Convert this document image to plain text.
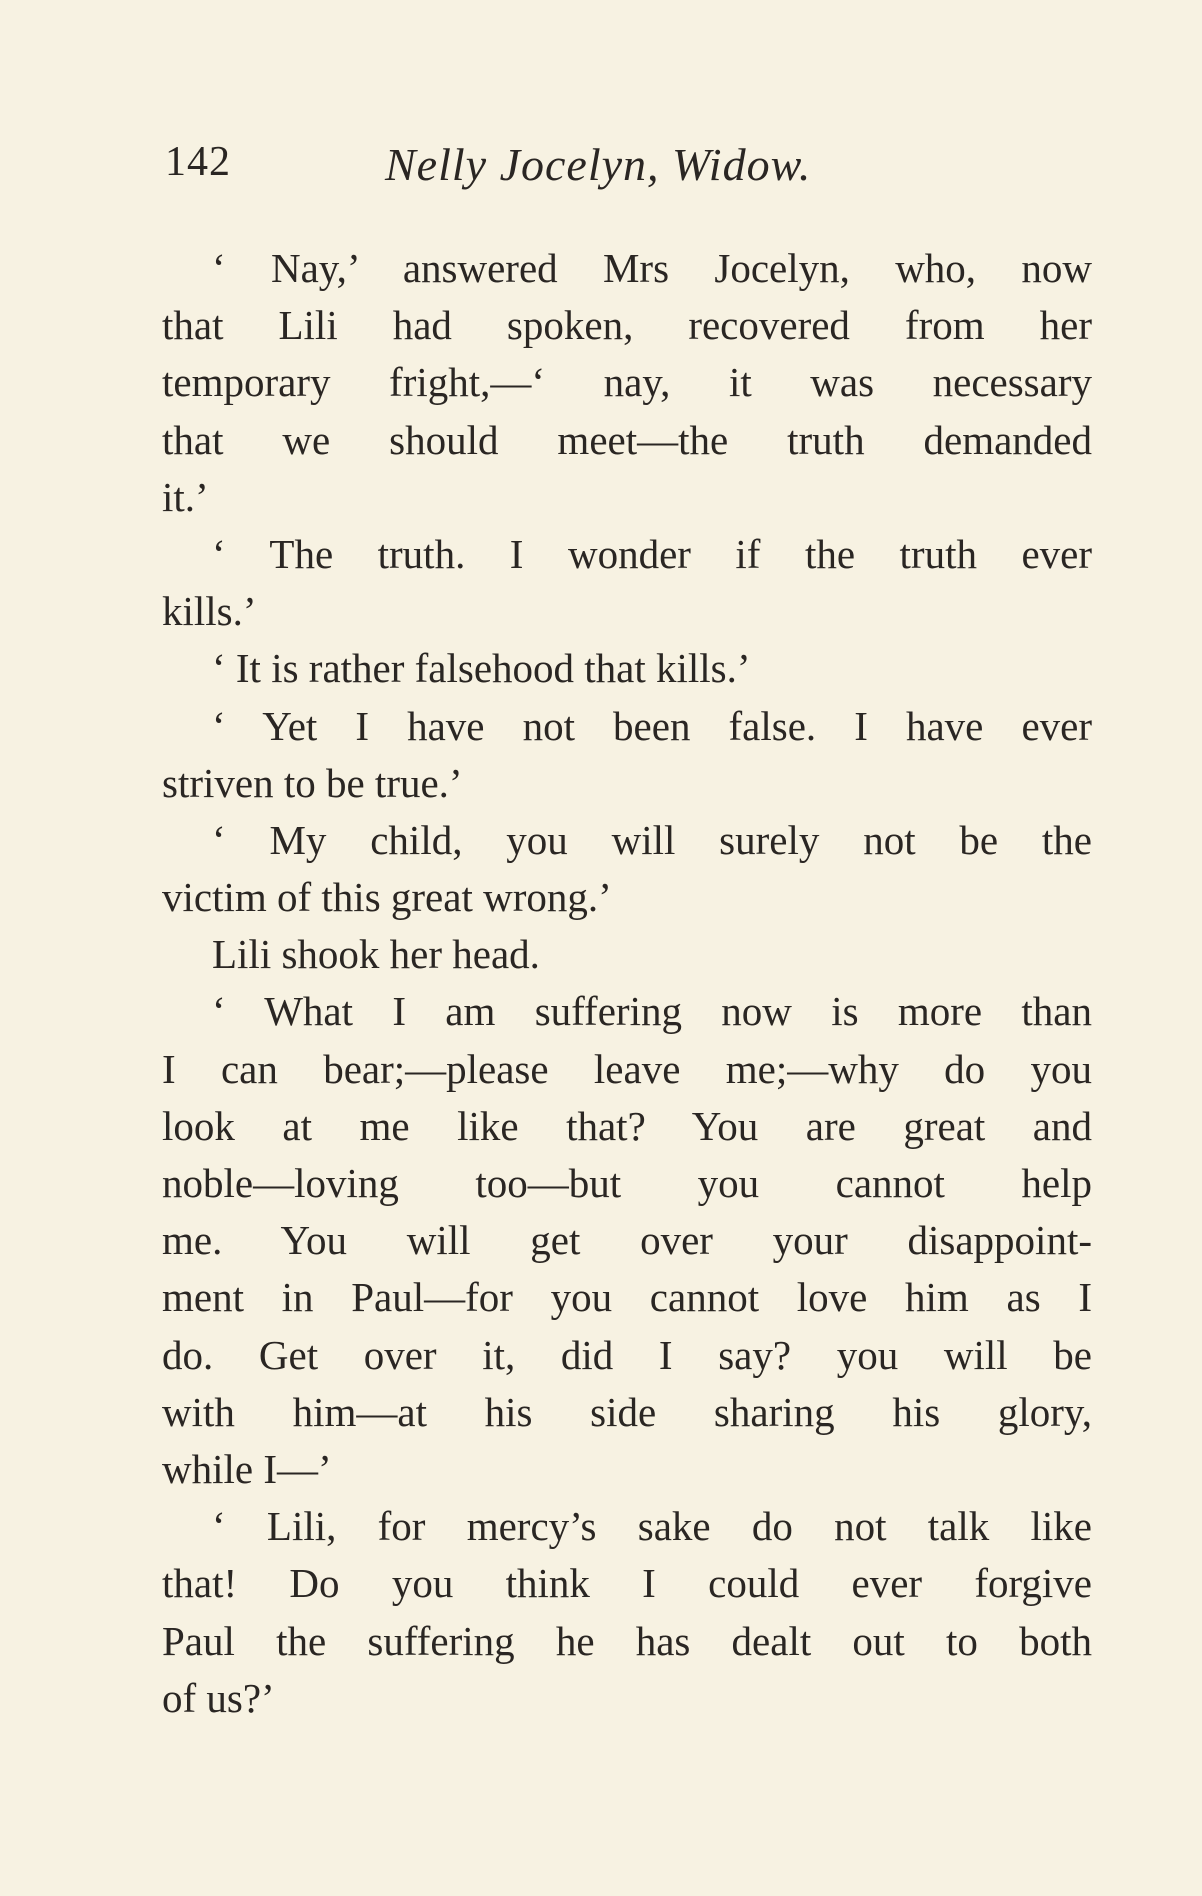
142	Nelly Jocelyn, Widow.
‘ Nay,’ answered Mrs Jocelyn, who, now
that Lili had spoken, recovered from her
temporary fright,—‘ nay, it was necessary
that we should meet—the truth demanded
it.’
‘ The truth. I wonder if the truth ever
kills.’
‘ It is rather falsehood that kills.’
‘ Yet I have not been false. I have ever
striven to be true.’
‘ My child, you will surely not be the
victim of this great wrong.’
Lili shook her head.
‘ What I am suffering now is more than
I can bear;—please leave me;—why do you
look at me like that? You are great and
noble—loving too—but you cannot help
me. You will get over your disappoint-
ment in Paul—for you cannot love him as I
do. Get over it, did I say? you will be
with him—at his side sharing his glory,
while I—’
‘ Lili, for mercy’s sake do not talk like
that! Do you think I could ever forgive
Paul the suffering he has dealt out to both
of us?’
